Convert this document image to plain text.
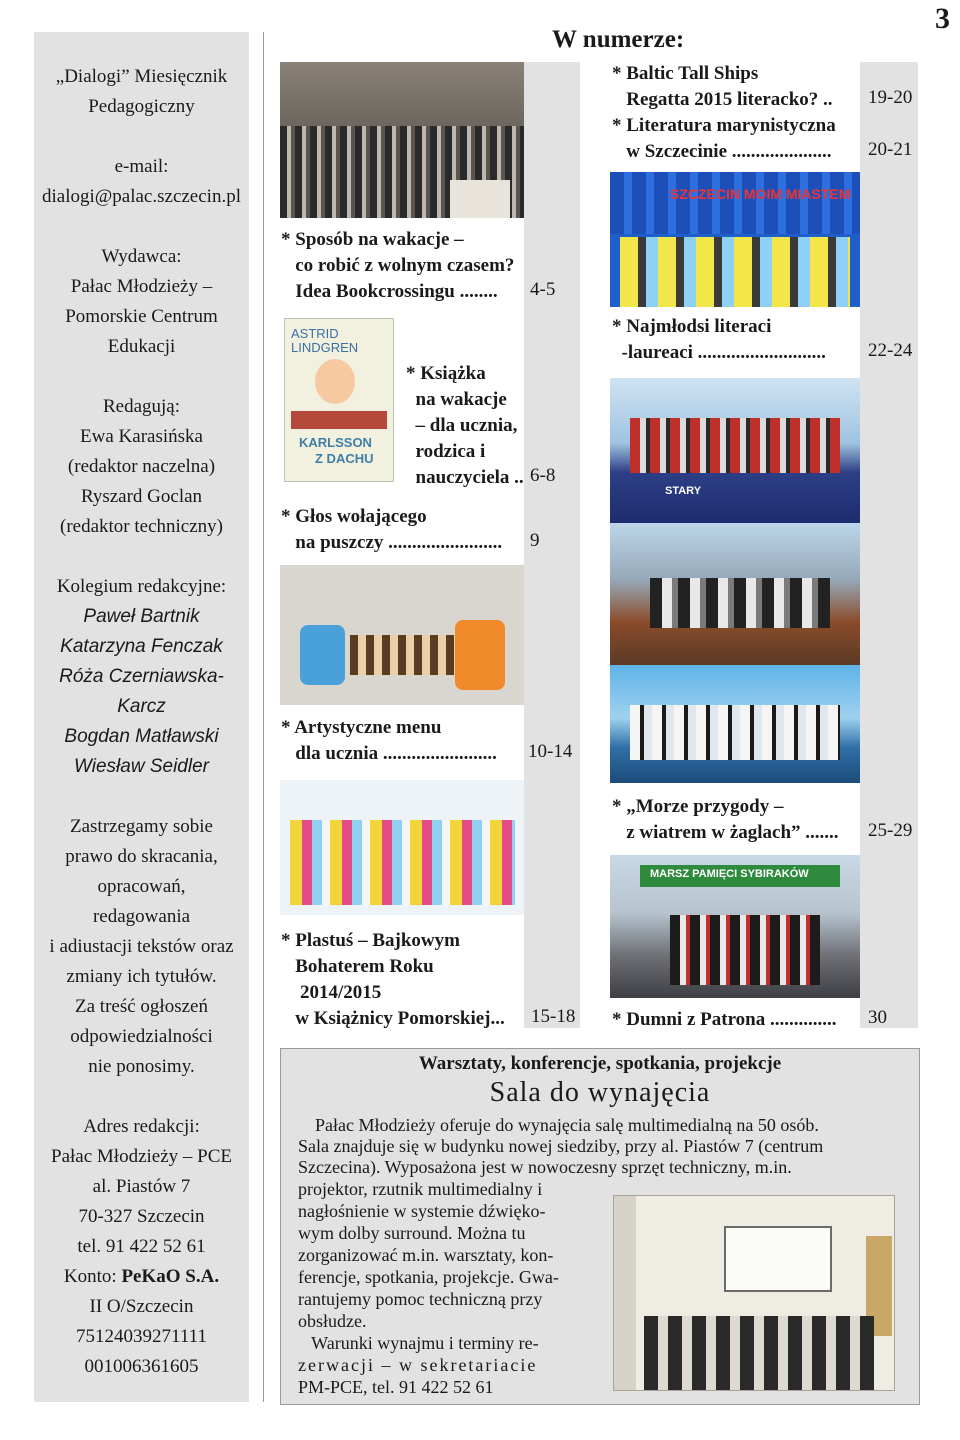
3
„Dialogi” Miesięcznik
Pedagogiczny
e-mail:
dialogi@palac.szczecin.pl
Wydawca:
Pałac Młodzieży –
Pomorskie Centrum
Edukacji
Redagują:
Ewa Karasińska
(redaktor naczelna)
Ryszard Goclan
(redaktor techniczny)
Kolegium redakcyjne:
Paweł Bartnik
Katarzyna Fenczak
Róża Czerniawska-
Karcz
Bogdan Matławski
Wiesław Seidler
Zastrzegamy sobie
prawo do skracania,
opracowań,
redagowania
i adiustacji tekstów oraz
zmiany ich tytułów.
Za treść ogłoszeń
odpowiedzialności
nie ponosimy.
Adres redakcji:
Pałac Młodzieży – PCE
al. Piastów 7
70-327 Szczecin
tel. 91 422 52 61
Konto: PeKaO S.A.
II O/Szczecin
75124039271111
001006361605
W numerze:
SZCZECIN MOIM MIASTEM
ASTRID LINDGREN
KARLSSON
Z DACHU
STARY
MARSZ PAMIĘCI SYBIRAKÓW
* Baltic Tall Ships
Regatta 2015 literacko? .. 19-20
* Literatura marynistyczna
w Szczecinie ..................... 20-21
* Sposób na wakacje –
co robić z wolnym czasem?
Idea Bookcrossingu ........	4-5
* Książka
na wakacje
– dla ucznia,
rodzica i
nauczyciela .. 6-8
* Głos wołającego
na puszczy ........................ 9
* Najmłodsi literaci
-laureaci ........................... 22-24
* Artystyczne menu
dla ucznia ........................ 10-14
* „Morze przygody –
z wiatrem w żaglach” ....... 25-29
* Plastuś – Bajkowym
Bohaterem Roku
2014/2015
w Książnicy Pomorskiej... 15-18 * Dumni z Patrona .............. 30
Warsztaty, konferencje, spotkania, projekcje
Sala do wynajęcia
Pałac Młodzieży oferuje do wynajęcia salę multimedialną na 50 osób.
Sala znajduje się w budynku nowej siedziby, przy al. Piastów 7 (centrum
Szczecina). Wyposażona jest w nowoczesny sprzęt techniczny, m.in.
projektor, rzutnik multimedialny i
nagłośnienie w systemie dźwięko-
wym dolby surround. Można tu
zorganizować m.in. warsztaty, kon-
ferencje, spotkania, projekcje. Gwa-
rantujemy pomoc techniczną przy
obsłudze.
Warunki wynajmu i terminy re-
zerwacji – w sekretariacie
PM-PCE, tel. 91 422 52 61
